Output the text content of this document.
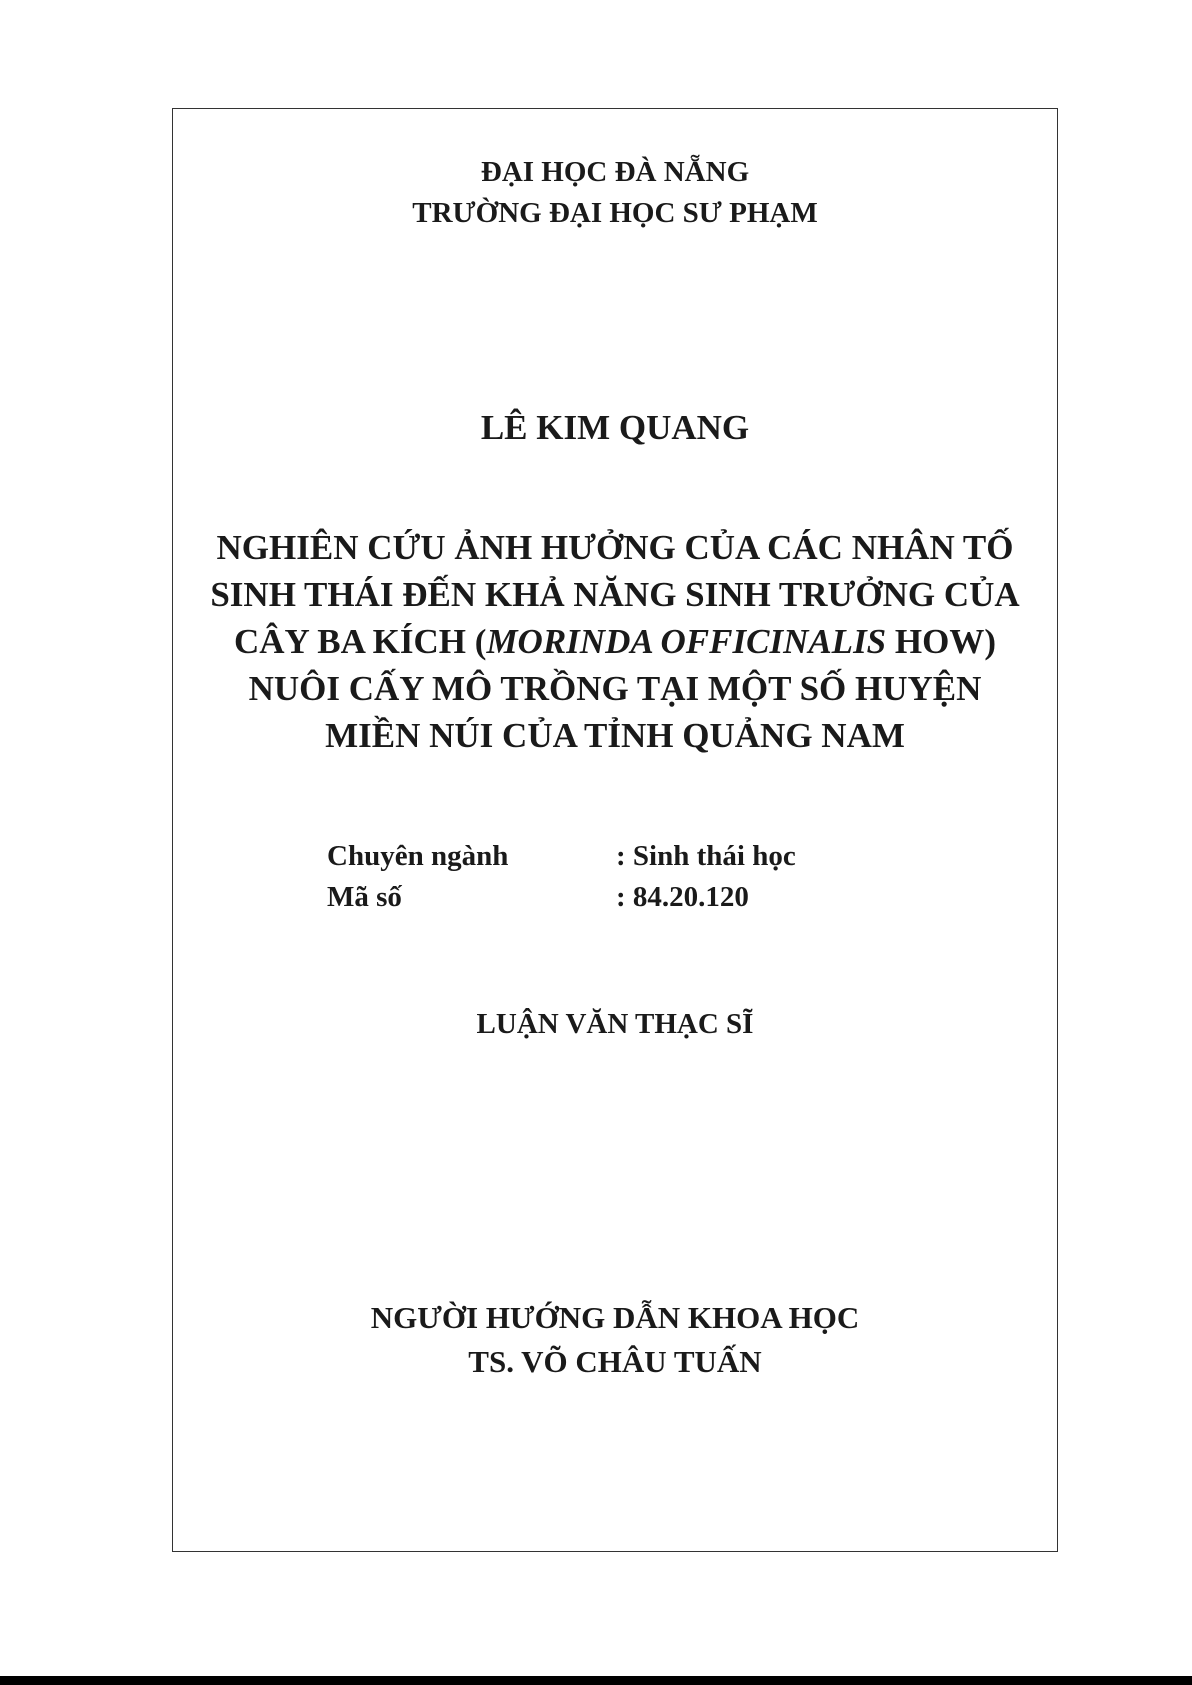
ĐẠI HỌC ĐÀ NẴNG
TRƯỜNG ĐẠI HỌC SƯ PHẠM
LÊ KIM QUANG
NGHIÊN CỨU ẢNH HƯỞNG CỦA CÁC NHÂN TỐ
SINH THÁI ĐẾN KHẢ NĂNG SINH TRƯỞNG CỦA
CÂY BA KÍCH (MORINDA OFFICINALIS HOW)
NUÔI CẤY MÔ TRỒNG TẠI MỘT SỐ HUYỆN
MIỀN NÚI CỦA TỈNH QUẢNG NAM
Chuyên ngành	: Sinh thái học
Mã số	: 84.20.120
LUẬN VĂN THẠC SĨ
NGƯỜI HƯỚNG DẪN KHOA HỌC
TS. VÕ CHÂU TUẤN
